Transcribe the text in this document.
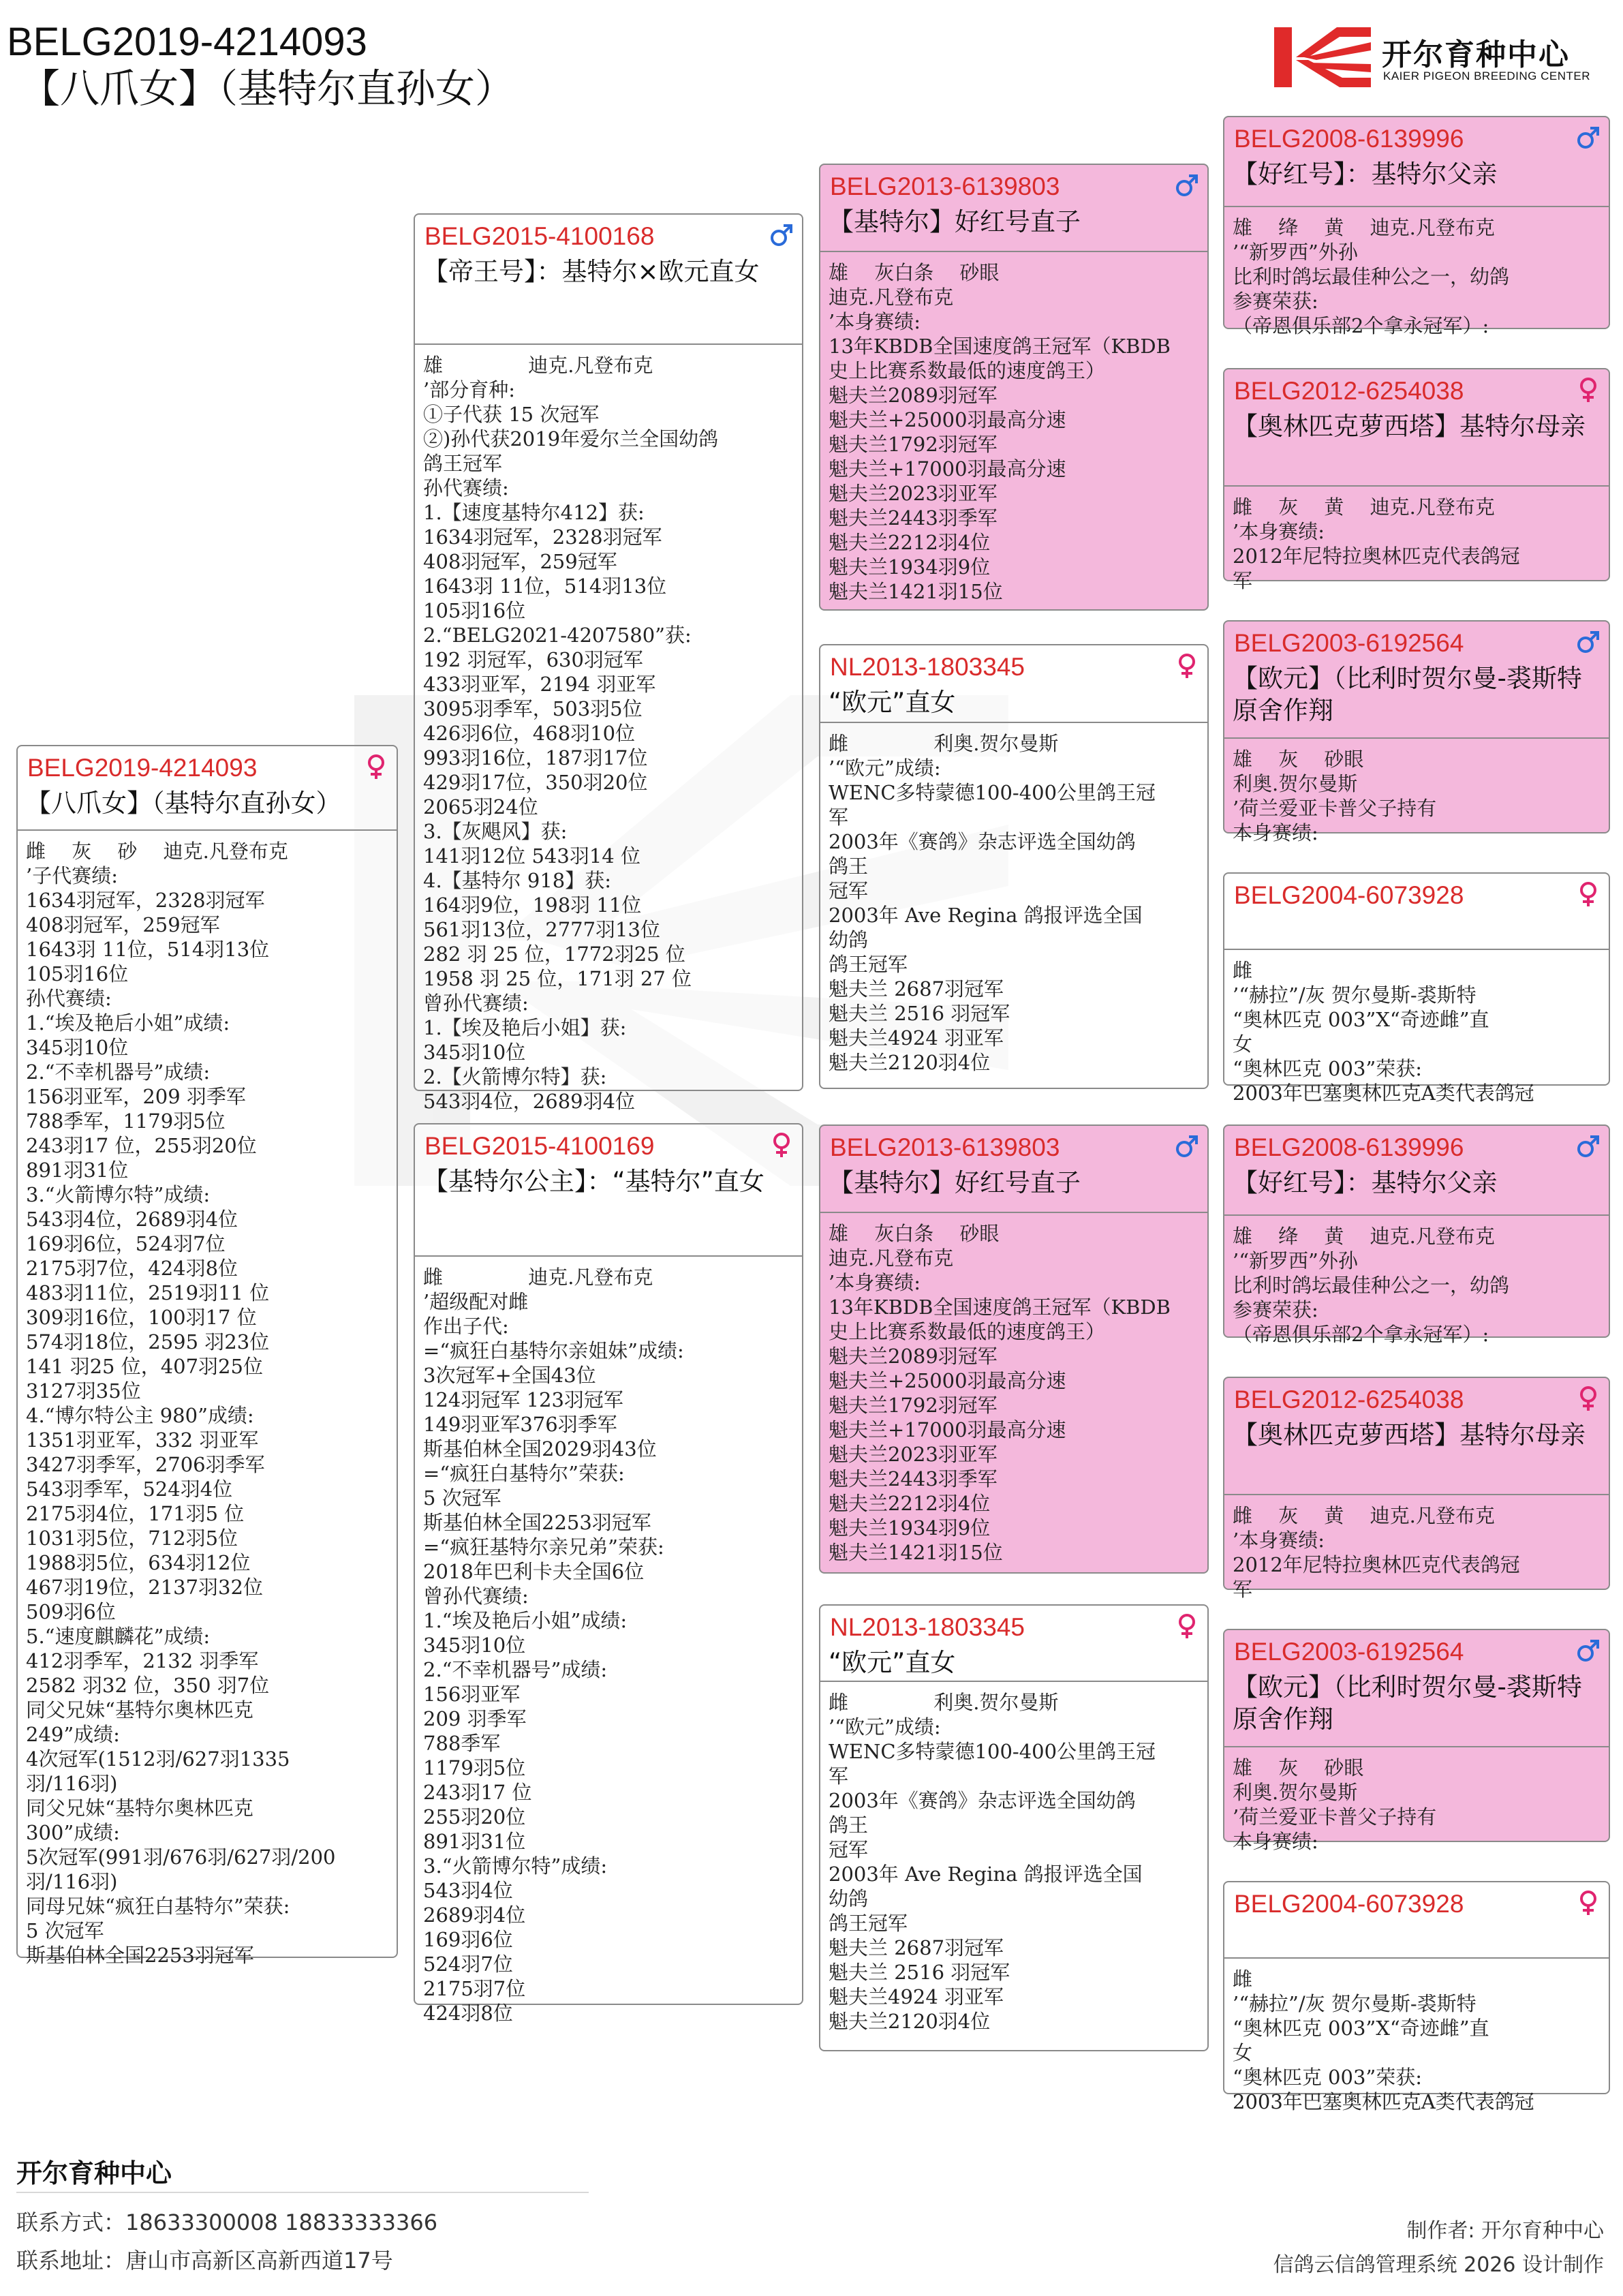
BELG2019-4214093
【八爪女】（基特尔直孙女）
开尔育种中心
KAIER PIGEON BREEDING CENTER
BELG2019-4214093
【八爪女】（基特尔直孙女）
雌　 灰　 砂　 迪克.凡登布克
’子代赛绩:
1634羽冠军，2328羽冠军
408羽冠军，259冠军
1643羽 11位，514羽13位
105羽16位
孙代赛绩:
1.“埃及艳后小姐”成绩:
345羽10位
2.“不幸机器号”成绩:
156羽亚军，209 羽季军
788季军，1179羽5位
243羽17 位，255羽20位
891羽31位
3.“火箭博尔特”成绩:
543羽4位，2689羽4位
169羽6位，524羽7位
2175羽7位，424羽8位
483羽11位，2519羽11 位
309羽16位，100羽17 位
574羽18位，2595 羽23位
141 羽25 位，407羽25位
3127羽35位
4.“博尔特公主 980”成绩:
1351羽亚军，332 羽亚军
3427羽季军，2706羽季军
543羽季军，524羽4位
2175羽4位，171羽5 位
1031羽5位，712羽5位
1988羽5位，634羽12位
467羽19位，2137羽32位
509羽6位
5.“速度麒麟花”成绩:
412羽季军，2132 羽季军
2582 羽32 位，350 羽7位
同父兄妹“基特尔奥林匹克
249”成绩:
4次冠军(1512羽/627羽1335
羽/116羽)
同父兄妹“基特尔奥林匹克
300”成绩:
5次冠军(991羽/676羽/627羽/200
羽/116羽)
同母兄妹“疯狂白基特尔”荣获:
5 次冠军
斯基伯林全国2253羽冠军
BELG2015-4100168
【帝王号】：基特尔×欧元直女
雄　　　　 迪克.凡登布克
’部分育种:
①子代获 15 次冠军
②)孙代获2019年爱尔兰全国幼鸽
鸽王冠军
孙代赛绩:
1.【速度基特尔412】获:
1634羽冠军，2328羽冠军
408羽冠军，259冠军
1643羽 11位，514羽13位
105羽16位
2.“BELG2021-4207580”获:
192 羽冠军，630羽冠军
433羽亚军，2194 羽亚军
3095羽季军，503羽5位
426羽6位，468羽10位
993羽16位，187羽17位
429羽17位，350羽20位
2065羽24位
3.【灰飓风】获:
141羽12位 543羽14 位
4.【基特尔 918】获:
164羽9位，198羽 11位
561羽13位，2777羽13位
282 羽 25 位，1772羽25 位
1958 羽 25 位，171羽 27 位
曾孙代赛绩:
1.【埃及艳后小姐】获:
345羽10位
2.【火箭博尔特】获:
543羽4位，2689羽4位
BELG2015-4100169
【基特尔公主】：“基特尔”直女
雌　　　　 迪克.凡登布克
’超级配对雌
作出子代:
=“疯狂白基特尔亲姐妹”成绩:
3次冠军+全国43位
124羽冠军 123羽冠军
149羽亚军376羽季军
斯基伯林全国2029羽43位
=“疯狂白基特尔”荣获:
5 次冠军
斯基伯林全国2253羽冠军
=“疯狂基特尔亲兄弟”荣获:
2018年巴利卡夫全国6位
曾孙代赛绩:
1.“埃及艳后小姐”成绩:
345羽10位
2.“不幸机器号”成绩:
156羽亚军
209 羽季军
788季军
1179羽5位
243羽17 位
255羽20位
891羽31位
3.“火箭博尔特”成绩:
543羽4位
2689羽4位
169羽6位
524羽7位
2175羽7位
424羽8位
BELG2013-6139803
【基特尔】好红号直子
雄　 灰白条　 砂眼
迪克.凡登布克
’本身赛绩:
13年KBDB全国速度鸽王冠军（KBDB
史上比赛系数最低的速度鸽王）
魁夫兰2089羽冠军
魁夫兰+25000羽最高分速
魁夫兰1792羽冠军
魁夫兰+17000羽最高分速
魁夫兰2023羽亚军
魁夫兰2443羽季军
魁夫兰2212羽4位
魁夫兰1934羽9位
魁夫兰1421羽15位
NL2013-1803345
“欧元”直女
雌　　　　 利奥.贺尔曼斯
’“欧元”成绩:
WENC多特蒙德100-400公里鸽王冠
军
2003年《赛鸽》杂志评选全国幼鸽
鸽王
冠军
2003年 Ave Regina 鸽报评选全国
幼鸽
鸽王冠军
魁夫兰 2687羽冠军
魁夫兰 2516 羽冠军
魁夫兰4924 羽亚军
魁夫兰2120羽4位
BELG2013-6139803
【基特尔】好红号直子
雄　 灰白条　 砂眼
迪克.凡登布克
’本身赛绩:
13年KBDB全国速度鸽王冠军（KBDB
史上比赛系数最低的速度鸽王）
魁夫兰2089羽冠军
魁夫兰+25000羽最高分速
魁夫兰1792羽冠军
魁夫兰+17000羽最高分速
魁夫兰2023羽亚军
魁夫兰2443羽季军
魁夫兰2212羽4位
魁夫兰1934羽9位
魁夫兰1421羽15位
NL2013-1803345
“欧元”直女
雌　　　　 利奥.贺尔曼斯
’“欧元”成绩:
WENC多特蒙德100-400公里鸽王冠
军
2003年《赛鸽》杂志评选全国幼鸽
鸽王
冠军
2003年 Ave Regina 鸽报评选全国
幼鸽
鸽王冠军
魁夫兰 2687羽冠军
魁夫兰 2516 羽冠军
魁夫兰4924 羽亚军
魁夫兰2120羽4位
BELG2008-6139996
【好红号】：基特尔父亲
雄　 绛　 黄　 迪克.凡登布克
’“新罗西”外孙
比利时鸽坛最佳种公之一，幼鸽
参赛荣获:
（帝恩俱乐部2个拿永冠军）:
BELG2012-6254038
【奥林匹克萝西塔】基特尔母亲
雌　 灰　 黄　 迪克.凡登布克
’本身赛绩:
2012年尼特拉奥林匹克代表鸽冠
军
BELG2003-6192564
【欧元】（比利时贺尔曼-裘斯特原舍作翔
雄　 灰　 砂眼
利奥.贺尔曼斯
’荷兰爱亚卡普父子持有
本身赛绩:
BELG2004-6073928
雌
’“赫拉”/灰 贺尔曼斯-裘斯特
“奥林匹克 003”X“奇迹雌”直
女
“奥林匹克 003”荣获:
2003年巴塞奥林匹克A类代表鸽冠
BELG2008-6139996
【好红号】：基特尔父亲
雄　 绛　 黄　 迪克.凡登布克
’“新罗西”外孙
比利时鸽坛最佳种公之一，幼鸽
参赛荣获:
（帝恩俱乐部2个拿永冠军）:
BELG2012-6254038
【奥林匹克萝西塔】基特尔母亲
雌　 灰　 黄　 迪克.凡登布克
’本身赛绩:
2012年尼特拉奥林匹克代表鸽冠
军
BELG2003-6192564
【欧元】（比利时贺尔曼-裘斯特原舍作翔
雄　 灰　 砂眼
利奥.贺尔曼斯
’荷兰爱亚卡普父子持有
本身赛绩:
BELG2004-6073928
雌
’“赫拉”/灰 贺尔曼斯-裘斯特
“奥林匹克 003”X“奇迹雌”直
女
“奥林匹克 003”荣获:
2003年巴塞奥林匹克A类代表鸽冠
开尔育种中心
联系方式：18633300008 18833333366
联系地址：唐山市高新区高新西道17号
制作者: 开尔育种中心
信鸽云信鸽管理系统 2026 设计制作
